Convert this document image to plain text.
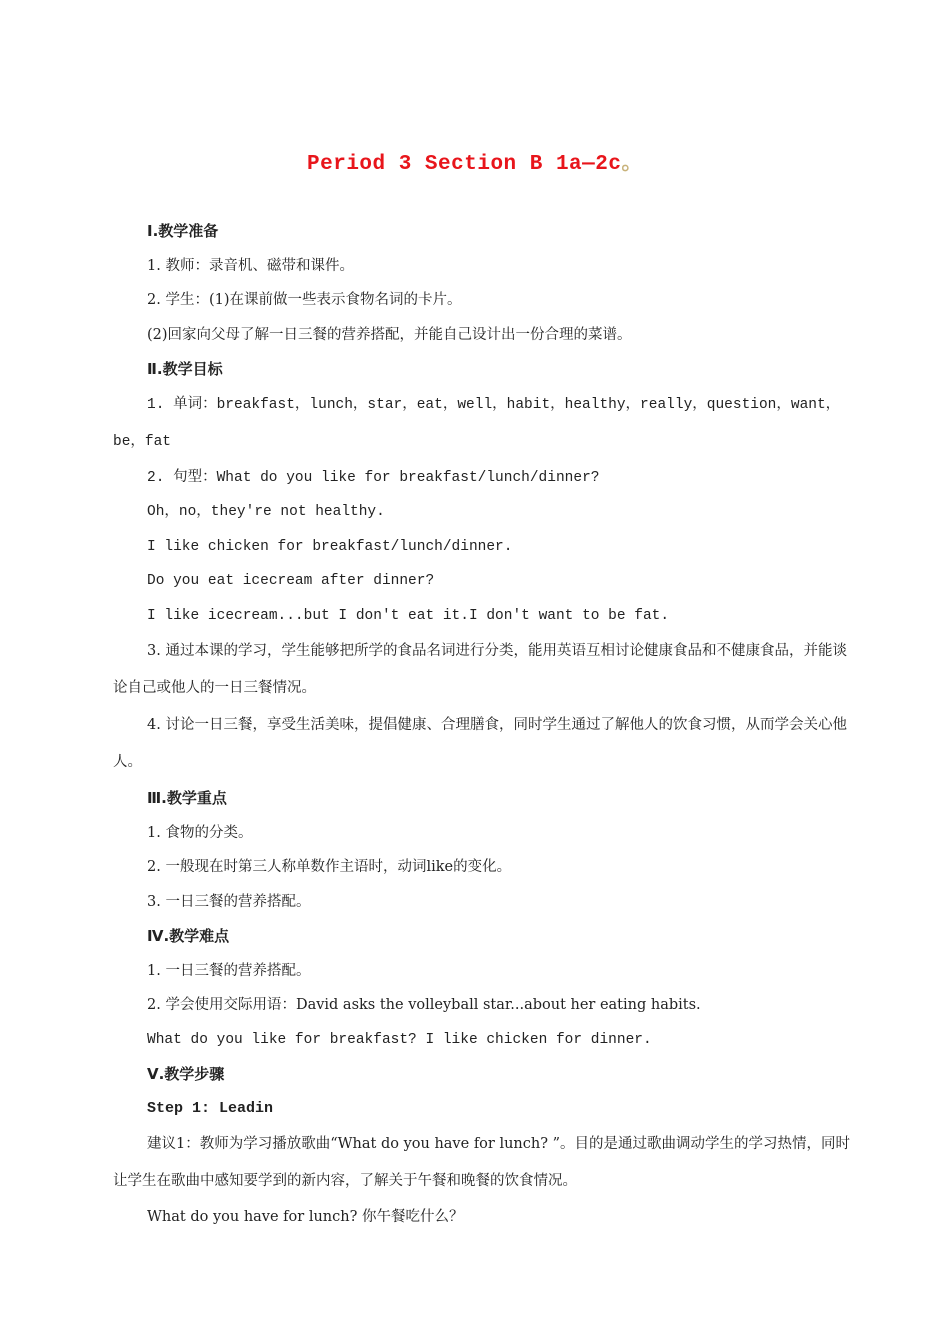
Period 3 Section B 1a—2c。
Ⅰ.教学准备

1. 教师：录音机、磁带和课件。

2. 学生：(1)在课前做一些表示食物名词的卡片。

(2)回家向父母了解一日三餐的营养搭配，并能自己设计出一份合理的菜谱。

Ⅱ.教学目标

1. 单词：breakfast，lunch，star，eat，well，habit，healthy，really，question，want，be，fat

2. 句型：What do you like for breakfast/lunch/dinner?

Oh，no，they're not healthy.

I like chicken for breakfast/lunch/dinner.

Do you eat icecream after dinner?

I like icecream...but I don't eat it.I don't want to be fat.

3. 通过本课的学习，学生能够把所学的食品名词进行分类，能用英语互相讨论健康食品和不健康食品，并能谈论自己或他人的一日三餐情况。

4. 讨论一日三餐，享受生活美味，提倡健康、合理膳食，同时学生通过了解他人的饮食习惯，从而学会关心他人。

Ⅲ.教学重点

1. 食物的分类。

2. 一般现在时第三人称单数作主语时，动词like的变化。

3. 一日三餐的营养搭配。

Ⅳ.教学难点

1. 一日三餐的营养搭配。

2. 学会使用交际用语：David asks the volleyball star...about her eating habits.

What do you like for breakfast? I like chicken for dinner.

Ⅴ.教学步骤
Step 1: Leadin

建议1：教师为学习播放歌曲“What do you have for lunch? ”。目的是通过歌曲调动学生的学习热情，同时让学生在歌曲中感知要学到的新内容，了解关于午餐和晚餐的饮食情况。

What do you have for lunch? 你午餐吃什么？
